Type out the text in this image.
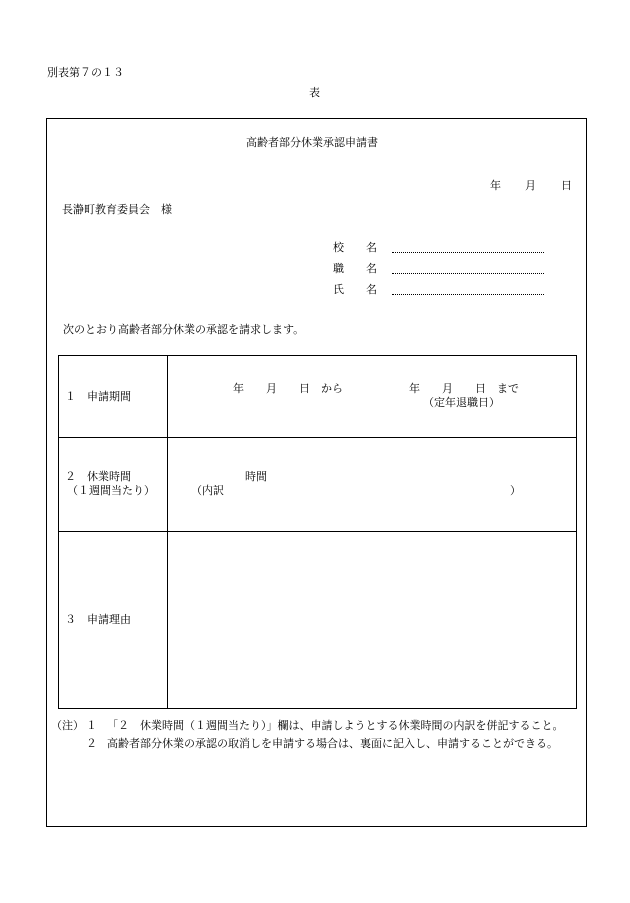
別表第７の１３
表
高齢者部分休業承認申請書
年 月 日
長瀞町教育委員会　様
校　　名
職　　名
氏　　名
次のとおり高齢者部分休業の承認を請求します。
１　申請期間
年　　月　　日　から　　　　　　年　　月　　日　まで
（定年退職日）
２　休業時間
（１週間当たり）
時間
（内訳	）
３　申請理由
（注） １ 「２　休業時間（１週間当たり）」欄は、申請しようとする休業時間の内訳を併記すること。
２ 高齢者部分休業の承認の取消しを申請する場合は、裏面に記入し、申請することができる。
